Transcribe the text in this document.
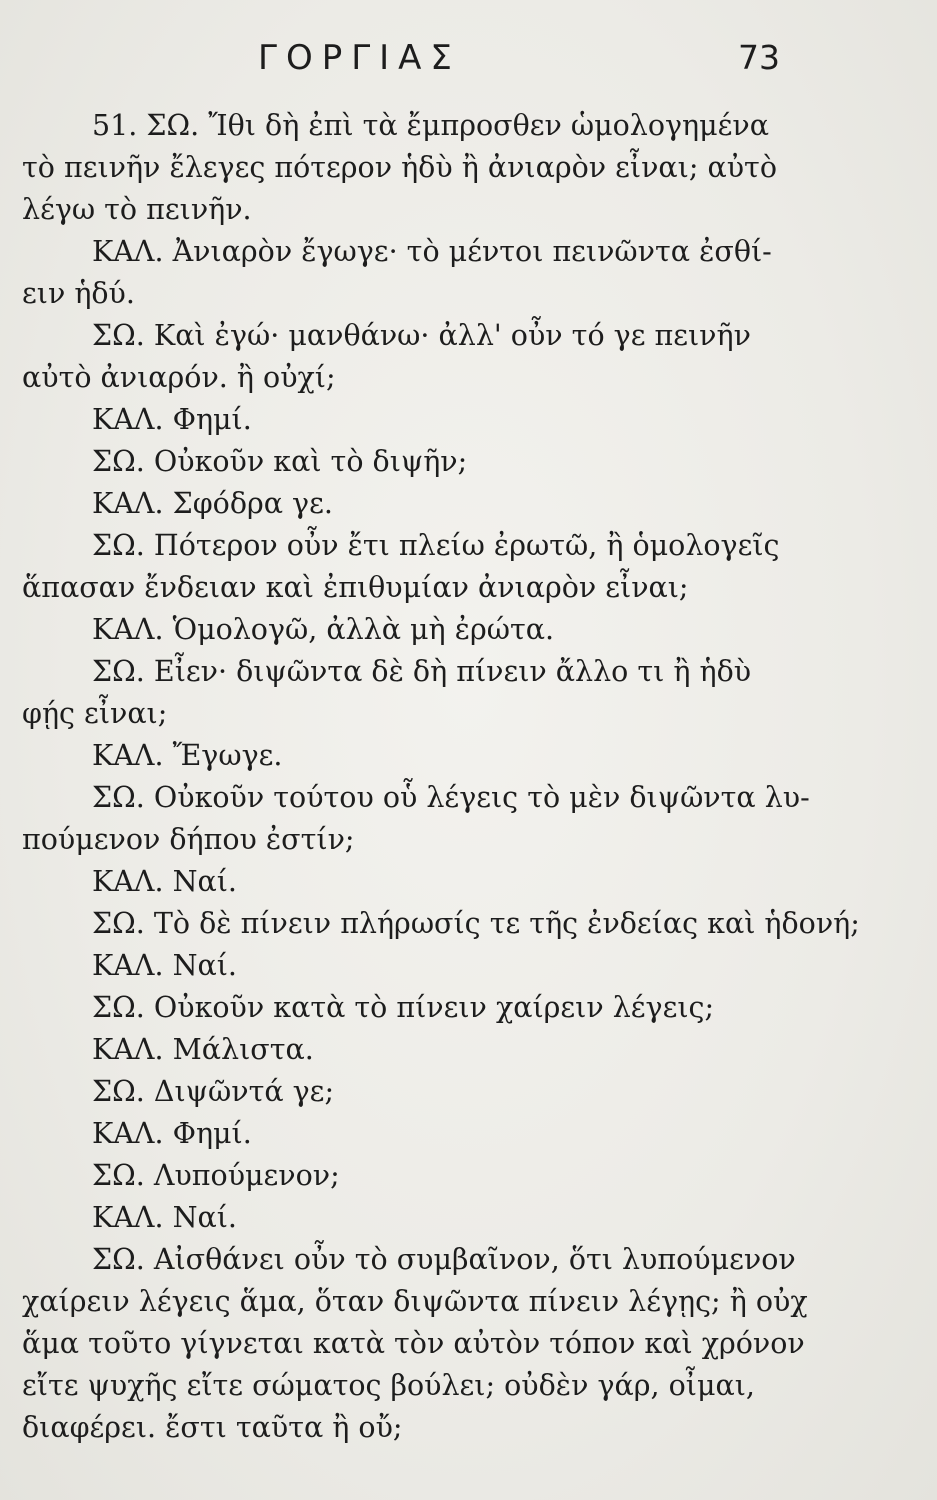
ΓΟΡΓΙΑΣ	73
51. ΣΩ. Ἴθι δὴ ἐπὶ τὰ ἔμπροσθεν ὡμολογημένα
τὸ πεινῆν ἔλεγες πότερον ἡδὺ ἢ ἀνιαρὸν εἶναι; αὐτὸ
λέγω τὸ πεινῆν.
ΚΑΛ. Ἀνιαρὸν ἔγωγε· τὸ μέντοι πεινῶντα ἐσθί-
ειν ἡδύ.
ΣΩ. Καὶ ἐγώ· μανθάνω· ἀλλ' οὖν τό γε πεινῆν
αὐτὸ ἀνιαρόν. ἢ οὐχί;
ΚΑΛ. Φημί.
ΣΩ. Οὐκοῦν καὶ τὸ διψῆν;
ΚΑΛ. Σφόδρα γε.
ΣΩ. Πότερον οὖν ἔτι πλείω ἐρωτῶ, ἢ ὁμολογεῖς
ἅπασαν ἔνδειαν καὶ ἐπιθυμίαν ἀνιαρὸν εἶναι;
ΚΑΛ. Ὁμολογῶ, ἀλλὰ μὴ ἐρώτα.
ΣΩ. Εἶεν· διψῶντα δὲ δὴ πίνειν ἄλλο τι ἢ ἡδὺ
φῄς εἶναι;
ΚΑΛ. Ἔγωγε.
ΣΩ. Οὐκοῦν τούτου οὗ λέγεις τὸ μὲν διψῶντα λυ-
πούμενον δήπου ἐστίν;
ΚΑΛ. Ναί.
ΣΩ. Τὸ δὲ πίνειν πλήρωσίς τε τῆς ἐνδείας καὶ ἡδονή;
ΚΑΛ. Ναί.
ΣΩ. Οὐκοῦν κατὰ τὸ πίνειν χαίρειν λέγεις;
ΚΑΛ. Μάλιστα.
ΣΩ. Διψῶντά γε;
ΚΑΛ. Φημί.
ΣΩ. Λυπούμενον;
ΚΑΛ. Ναί.
ΣΩ. Αἰσθάνει οὖν τὸ συμβαῖνον, ὅτι λυπούμενον
χαίρειν λέγεις ἅμα, ὅταν διψῶντα πίνειν λέγῃς; ἢ οὐχ
ἅμα τοῦτο γίγνεται κατὰ τὸν αὐτὸν τόπον καὶ χρόνον
εἴτε ψυχῆς εἴτε σώματος βούλει; οὐδὲν γάρ, οἶμαι,
διαφέρει. ἔστι ταῦτα ἢ οὔ;
